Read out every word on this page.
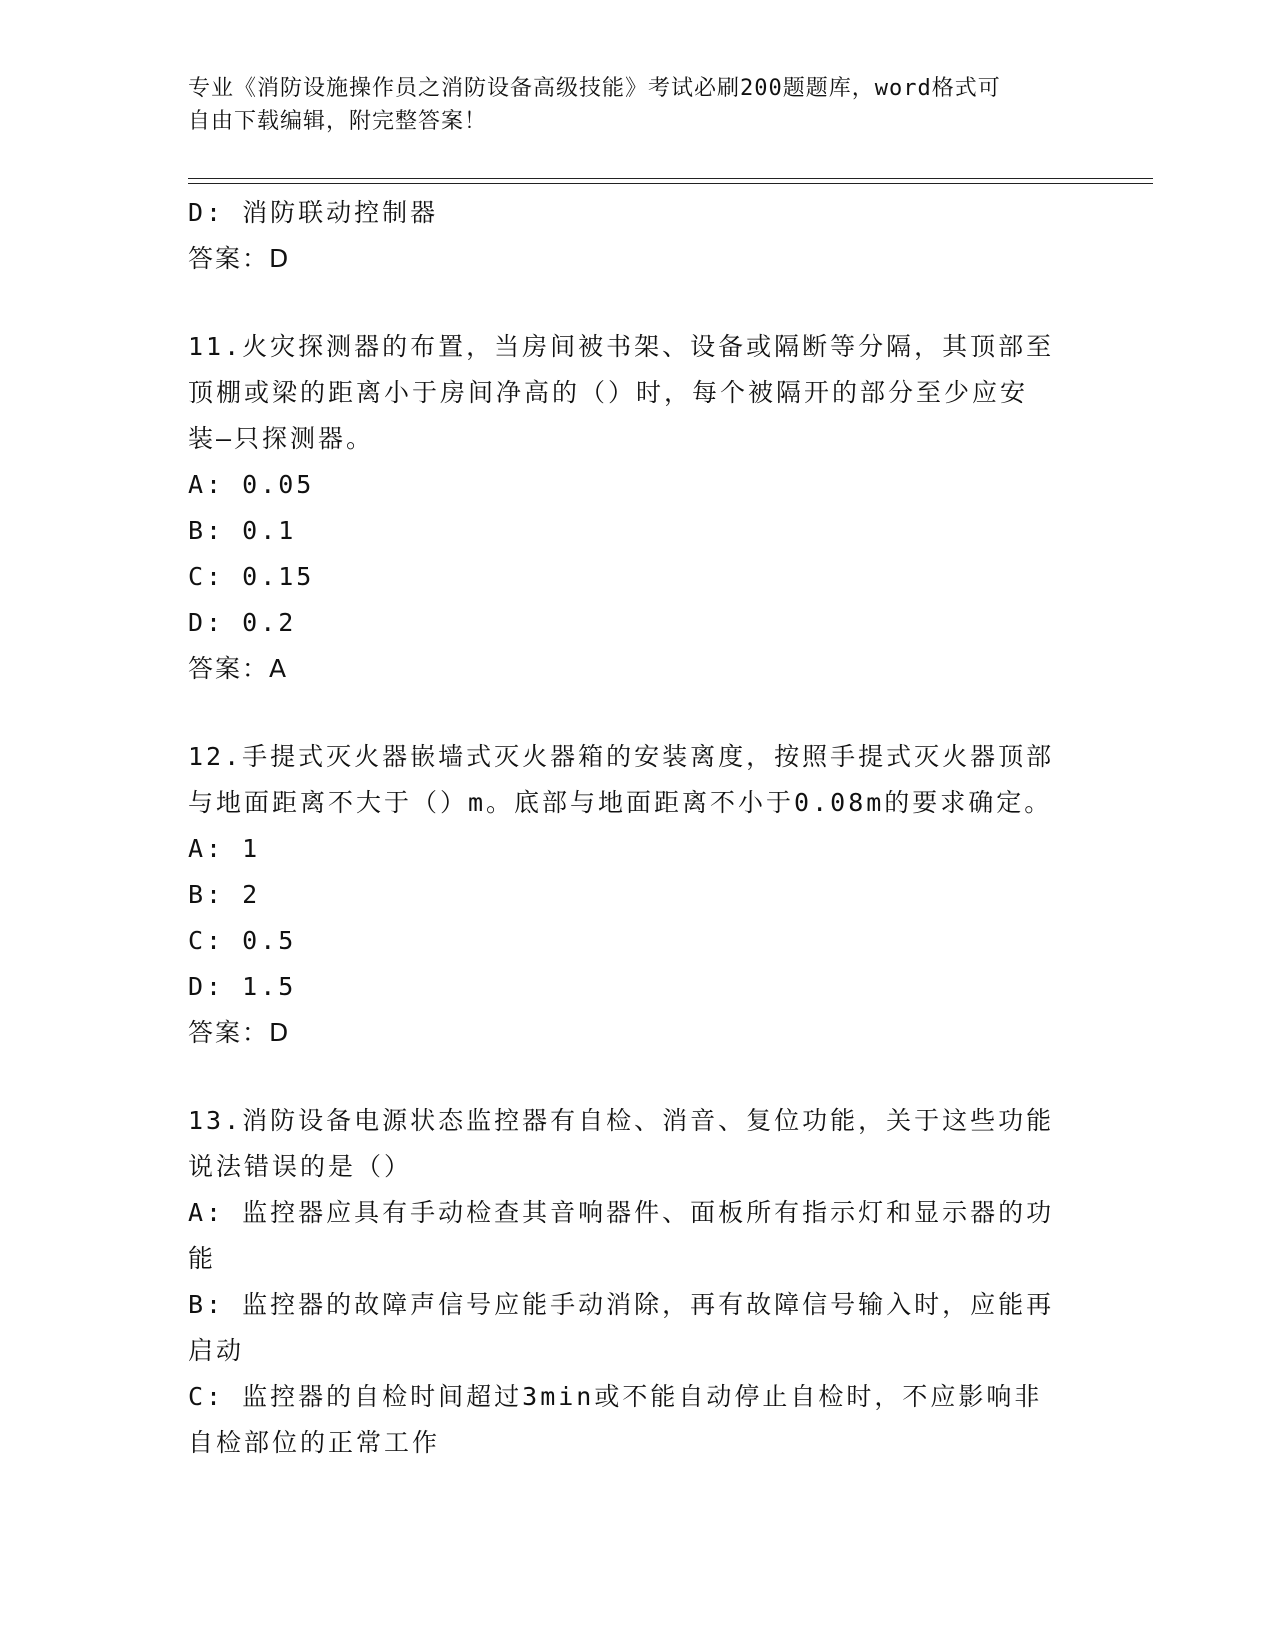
专业《消防设施操作员之消防设备高级技能》考试必刷200题题库，word格式可
自由下载编辑，附完整答案！
D: 消防联动控制器
答案：D
11.火灾探测器的布置，当房间被书架、设备或隔断等分隔，其顶部至
顶棚或梁的距离小于房间净高的（）时，每个被隔开的部分至少应安
装—只探测器。
A: 0.05
B: 0.1
C: 0.15
D: 0.2
答案：A
12.手提式灭火器嵌墙式灭火器箱的安装离度，按照手提式灭火器顶部
与地面距离不大于（）m。底部与地面距离不小于0.08m的要求确定。
A: 1
B: 2
C: 0.5
D: 1.5
答案：D
13.消防设备电源状态监控器有自检、消音、复位功能，关于这些功能
说法错误的是（）
A: 监控器应具有手动检查其音响器件、面板所有指示灯和显示器的功
能
B: 监控器的故障声信号应能手动消除，再有故障信号输入时，应能再
启动
C: 监控器的自检时间超过3min或不能自动停止自检时，不应影响非
自检部位的正常工作
